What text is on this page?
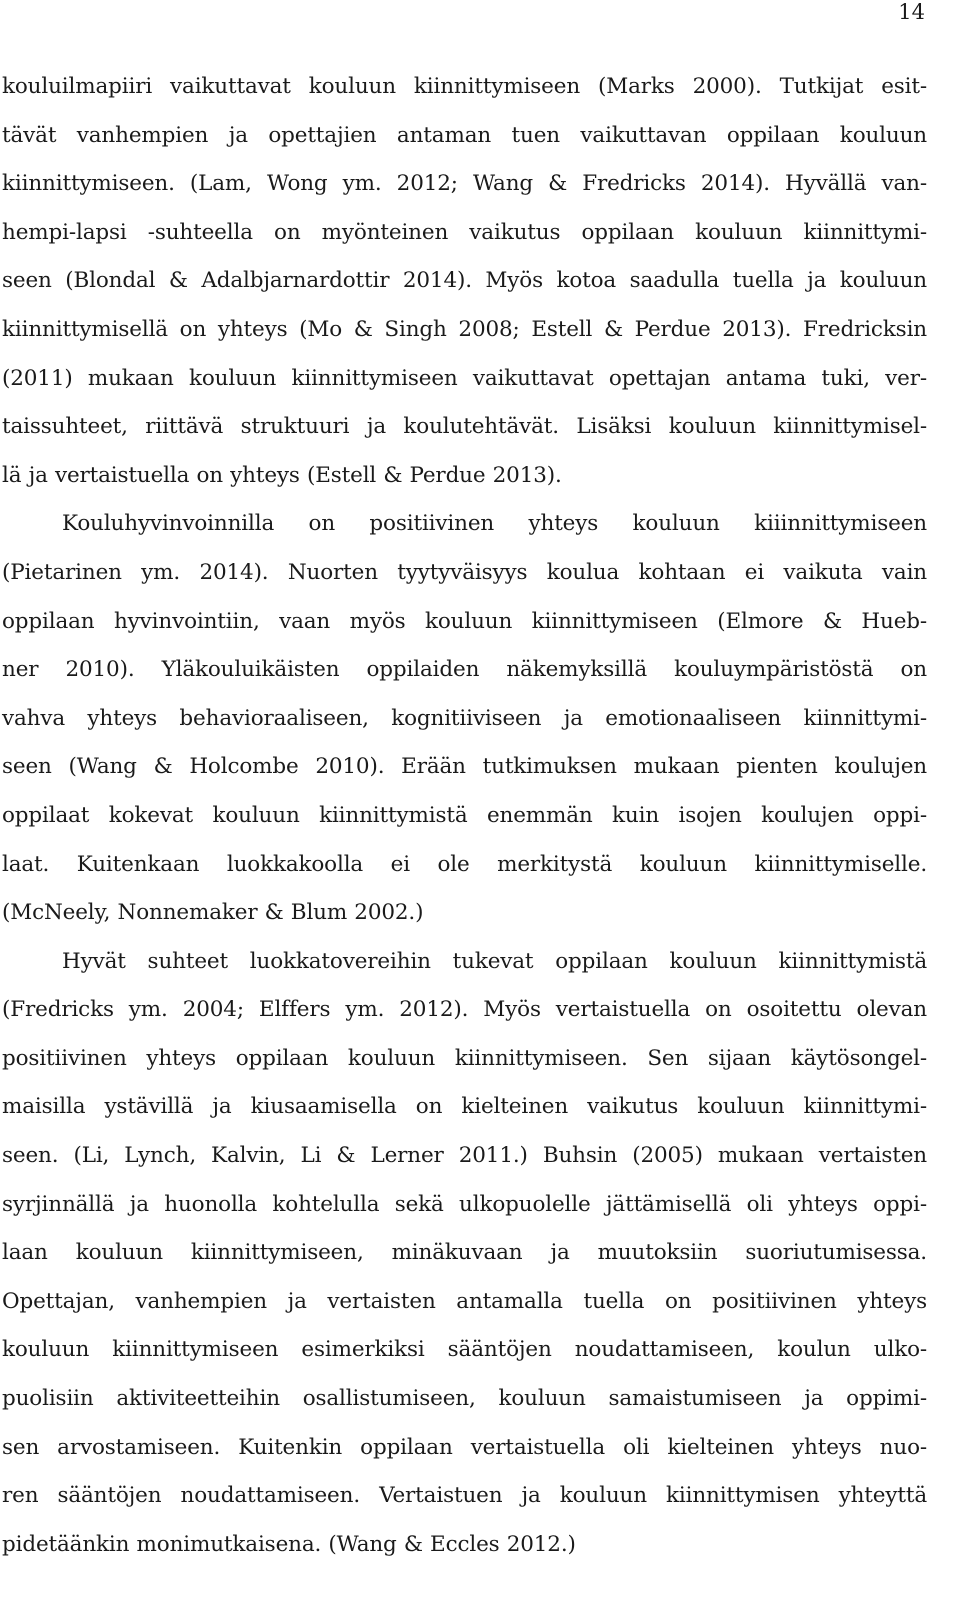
14
kouluilmapiiri vaikuttavat kouluun kiinnittymiseen (Marks 2000). Tutkijat esit-
tävät vanhempien ja opettajien antaman tuen vaikuttavan oppilaan kouluun
kiinnittymiseen. (Lam, Wong ym. 2012; Wang & Fredricks 2014). Hyvällä van-
hempi-lapsi -suhteella on myönteinen vaikutus oppilaan kouluun kiinnittymi-
seen (Blondal & Adalbjarnardottir 2014). Myös kotoa saadulla tuella ja kouluun
kiinnittymisellä on yhteys (Mo & Singh 2008; Estell & Perdue 2013). Fredricksin
(2011) mukaan kouluun kiinnittymiseen vaikuttavat opettajan antama tuki, ver-
taissuhteet, riittävä struktuuri ja koulutehtävät. Lisäksi kouluun kiinnittymisel-
lä ja vertaistuella on yhteys (Estell & Perdue 2013).
Kouluhyvinvoinnilla on positiivinen yhteys kouluun kiiinnittymiseen
(Pietarinen ym. 2014). Nuorten tyytyväisyys koulua kohtaan ei vaikuta vain
oppilaan hyvinvointiin, vaan myös kouluun kiinnittymiseen (Elmore & Hueb-
ner 2010). Yläkouluikäisten oppilaiden näkemyksillä kouluympäristöstä on
vahva yhteys behavioraaliseen, kognitiiviseen ja emotionaaliseen kiinnittymi-
seen (Wang & Holcombe 2010). Erään tutkimuksen mukaan pienten koulujen
oppilaat kokevat kouluun kiinnittymistä enemmän kuin isojen koulujen oppi-
laat. Kuitenkaan luokkakoolla ei ole merkitystä kouluun kiinnittymiselle.
(McNeely, Nonnemaker & Blum 2002.)
Hyvät suhteet luokkatovereihin tukevat oppilaan kouluun kiinnittymistä
(Fredricks ym. 2004; Elffers ym. 2012). Myös vertaistuella on osoitettu olevan
positiivinen yhteys oppilaan kouluun kiinnittymiseen. Sen sijaan käytösongel-
maisilla ystävillä ja kiusaamisella on kielteinen vaikutus kouluun kiinnittymi-
seen. (Li, Lynch, Kalvin, Li & Lerner 2011.) Buhsin (2005) mukaan vertaisten
syrjinnällä ja huonolla kohtelulla sekä ulkopuolelle jättämisellä oli yhteys oppi-
laan kouluun kiinnittymiseen, minäkuvaan ja muutoksiin suoriutumisessa.
Opettajan, vanhempien ja vertaisten antamalla tuella on positiivinen yhteys
kouluun kiinnittymiseen esimerkiksi sääntöjen noudattamiseen, koulun ulko-
puolisiin aktiviteetteihin osallistumiseen, kouluun samaistumiseen ja oppimi-
sen arvostamiseen. Kuitenkin oppilaan vertaistuella oli kielteinen yhteys nuo-
ren sääntöjen noudattamiseen. Vertaistuen ja kouluun kiinnittymisen yhteyttä
pidetäänkin monimutkaisena. (Wang & Eccles 2012.)
